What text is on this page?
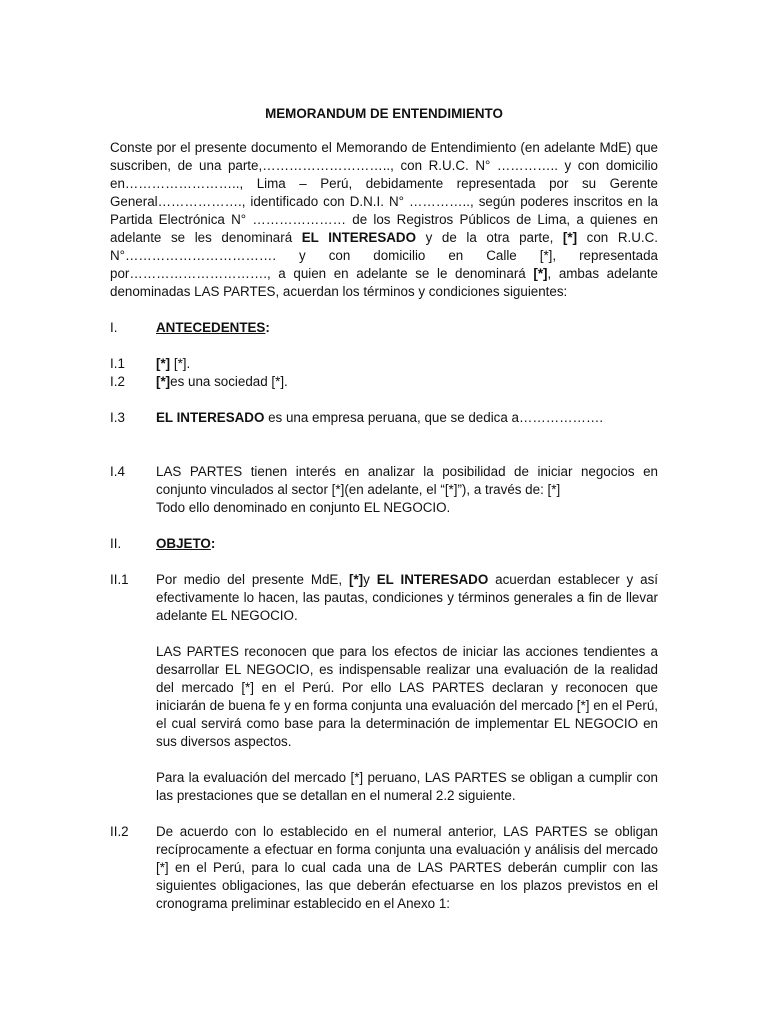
MEMORANDUM DE ENTENDIMIENTO

Conste por el presente documento el Memorando de Entendimiento (en adelante MdE) que suscriben, de una parte,……………………….., con R.U.C. N° ………….. y con domicilio en…………………….., Lima – Perú, debidamente representada por su Gerente General………………., identificado con D.N.I. N° ………….., según poderes inscritos en la Partida Electrónica N° ………………… de los Registros Públicos de Lima, a quienes en adelante se les denominará EL INTERESADO y de la otra parte, [*] con R.U.C. N°……………………………. y con domicilio en Calle [*], representada por…………………………., a quien en adelante se le denominará [*], ambas adelante denominadas LAS PARTES, acuerdan los términos y condiciones siguientes:

I.	ANTECEDENTES:
I.1	[*] [*].
I.2	[*]es una sociedad [*].
I.3	EL INTERESADO es una empresa peruana, que se dedica a……………….
I.4	LAS PARTES tienen interés en analizar la posibilidad de iniciar negocios en conjunto vinculados al sector [*](en adelante, el “[*]”), a través de: [*]
Todo ello denominado en conjunto EL NEGOCIO.
II.	OBJETO:
II.1	Por medio del presente MdE, [*]y EL INTERESADO acuerdan establecer y así efectivamente lo hacen, las pautas, condiciones y términos generales a fin de llevar adelante EL NEGOCIO.
LAS PARTES reconocen que para los efectos de iniciar las acciones tendientes a desarrollar EL NEGOCIO, es indispensable realizar una evaluación de la realidad del mercado [*] en el Perú. Por ello LAS PARTES declaran y reconocen que iniciarán de buena fe y en forma conjunta una evaluación del mercado [*] en el Perú, el cual servirá como base para la determinación de implementar EL NEGOCIO en sus diversos aspectos.
Para la evaluación del mercado [*] peruano, LAS PARTES se obligan a cumplir con las prestaciones que se detallan en el numeral 2.2 siguiente.
II.2	De acuerdo con lo establecido en el numeral anterior, LAS PARTES se obligan recíprocamente a efectuar en forma conjunta una evaluación y análisis del mercado [*] en el Perú, para lo cual cada una de LAS PARTES deberán cumplir con las siguientes obligaciones, las que deberán efectuarse en los plazos previstos en el cronograma preliminar establecido en el Anexo 1:
